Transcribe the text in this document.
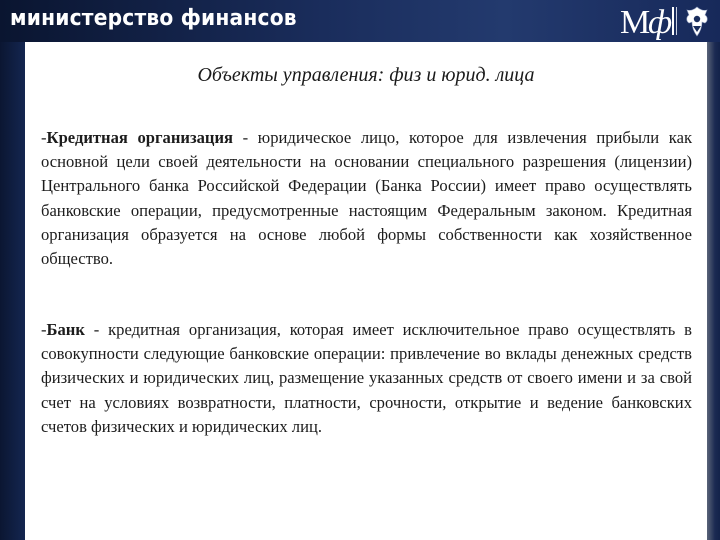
министерство финансов	М
ф
Объекты управления: физ и юрид. лица
-Кредитная организация - юридическое лицо, которое для извлечения прибыли как основной цели своей деятельности на основании специального разрешения (лицензии) Центрального банка Российской Федерации (Банка России) имеет право осуществлять банковские операции, предусмотренные настоящим Федеральным законом. Кредитная организация образуется на основе любой формы собственности как хозяйственное общество.
-Банк - кредитная организация, которая имеет исключительное право осуществлять в совокупности следующие банковские операции: привлечение во вклады денежных средств физических и юридических лиц, размещение указанных средств от своего имени и за свой счет на условиях возвратности, платности, срочности, открытие и ведение банковских счетов физических и юридических лиц.
